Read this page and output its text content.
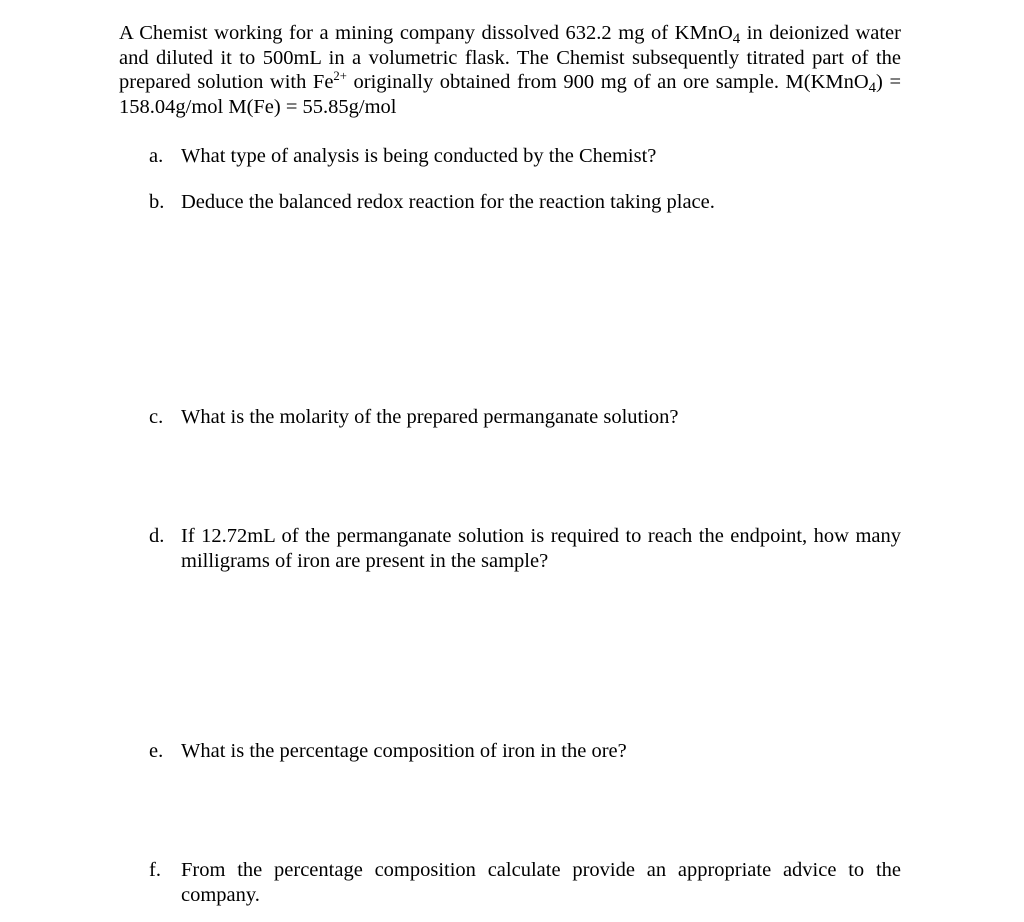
A Chemist working for a mining company dissolved 632.2 mg of KMnO$_4$ in deionized water and diluted it to 500mL in a volumetric flask. The Chemist subsequently titrated part of the prepared solution with $Fe^{2+}$ originally obtained from 900 mg of an ore sample. M(KMnO$_4$) = 158.04g/mol M(Fe) = 55.85g/mol

a. What type of analysis is being conducted by the Chemist?
b. Deduce the balanced redox reaction for the reaction taking place.
c. What is the molarity of the prepared permanganate solution?
d. If 12.72mL of the permanganate solution is required to reach the endpoint, how many milligrams of iron are present in the sample?
e. What is the percentage composition of iron in the ore?
f. From the percentage composition calculate provide an appropriate advice to the company.
